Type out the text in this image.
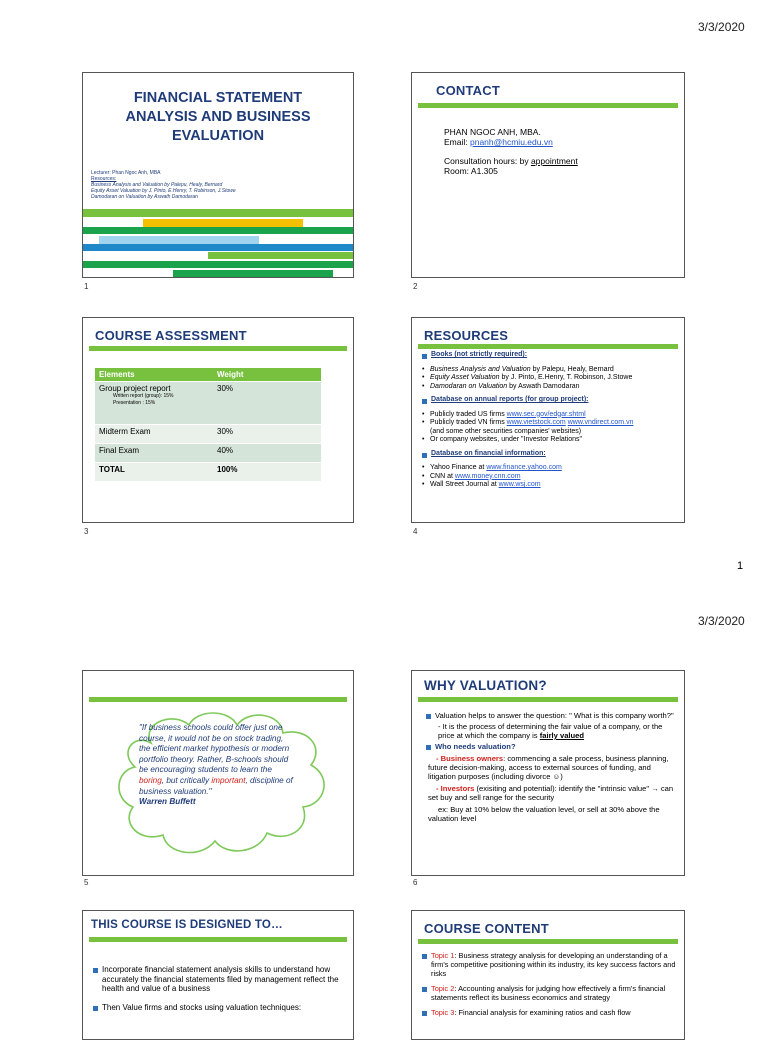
3/3/2020
FINANCIAL STATEMENT ANALYSIS AND BUSINESS EVALUATION
Lecturer: Phan Ngoc Anh, MBA
Resources:
Business Analysis and Valuation by Palepu, Healy, Bernard
Equity Asset Valuation by J. Pinto, E.Henry, T. Robinson, J.Stowe
Damodaran on Valuation by Aswath Damodaran
1
CONTACT
PHAN NGOC ANH, MBA.
Email: pnanh@hcmiu.edu.vn
Consultation hours: by appointment
Room: A1.305
2
COURSE ASSESSMENT
Elements	Weight

Group project report
Written report (group): 15%
Presentation : 15%	30%
Midterm Exam	30%
Final Exam	40%
TOTAL	100%
3
RESOURCES
Books (not strictly required):
• Business Analysis and Valuation by Palepu, Healy, Bernard
• Equity Asset Valuation by J. Pinto, E.Henry, T. Robinson, J.Stowe
• Damodaran on Valuation by Aswath Damodaran
Database on annual reports (for group project):
• Publicly traded US firms www.sec.gov/edgar.shtml
• Publicly traded VN firms www.vietstock.com www.vndirect.com.vn
(and some other securities companies' websites)
• Or company websites, under "Investor Relations"
Database on financial information:
• Yahoo Finance at www.finance.yahoo.com
• CNN at www.money.cnn.com
• Wall Street Journal at www.wsj.com
4
1
3/3/2020
"If business schools could offer just one course, it would not be on stock trading, the efficient market hypothesis or modern portfolio theory. Rather, B-schools should be encouraging students to learn the boring, but critically important, discipline of business valuation."
Warren Buffett
5
WHY VALUATION?
Valuation helps to answer the question: " What is this company worth?"
- It is the process of determining the fair value of a company, or the price at which the company is fairly valued
Who needs valuation?
- Business owners: commencing a sale process, business planning, future decision-making, access to external sources of funding, and litigation purposes (including divorce ☺)
- Investors (exisiting and potential): identify the "intrinsic value" → can set buy and sell range for the security
ex: Buy at 10% below the valuation level, or sell at 30% above the valuation level
6
THIS COURSE IS DESIGNED TO…
Incorporate financial statement analysis skills to understand how accurately the financial statements filed by management reflect the health and value of a business
Then Value firms and stocks using valuation techniques:
COURSE CONTENT
Topic 1: Business strategy analysis for developing an understanding of a firm's competitive positioning within its industry, its key success factors and risks
Topic 2: Accounting analysis for judging how effectively a firm's financial statements reflect its business economics and strategy
Topic 3: Financial analysis for examining ratios and cash flow
